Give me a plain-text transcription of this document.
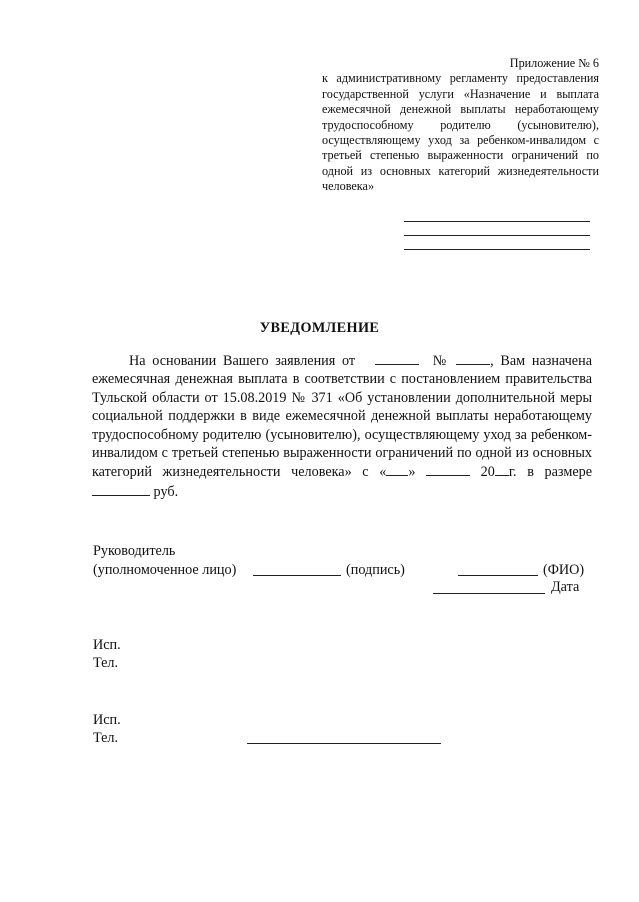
Приложение № 6
к административному регламенту предоставления государственной услуги «Назначение и выплата ежемесячной денежной выплаты неработающему трудоспособному родителю (усыновителю), осуществляющему уход за ребенком-инвалидом с третьей степенью выраженности ограничений по одной из основных категорий жизнедеятельности человека»
УВЕДОМЛЕНИЕ
На основании Вашего заявления от	№	, Вам назначена ежемесячная денежная выплата в соответствии с постановлением правительства Тульской области от 15.08.2019 № 371 «Об установлении дополнительной меры социальной поддержки в виде ежемесячной денежной выплаты неработающему трудоспособному родителю (усыновителю), осуществляющему уход за ребенком-инвалидом с третьей степенью выраженности ограничений по одной из основных категорий жизнедеятельности человека» с « »	20 г. в размере  руб.
Руководитель
(уполномоченное лицо)	(подпись)	(ФИО)
Дата
Исп.
Тел.
Исп.
Тел.
